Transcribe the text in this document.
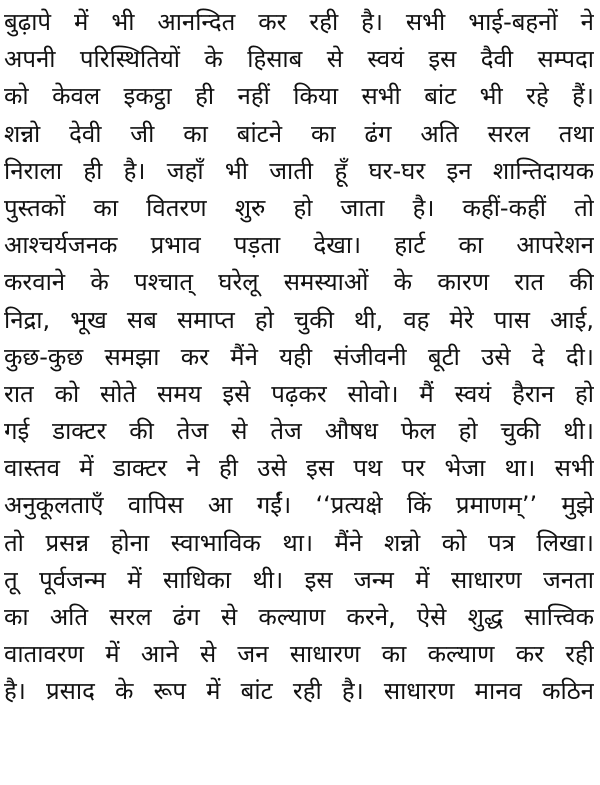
बुढ़ापे में भी आनन्दित कर रही है। सभी भाई-बहनों ने
अपनी परिस्थितियों के हिसाब से स्वयं इस दैवी सम्पदा
को केवल इकट्ठा ही नहीं किया सभी बांट भी रहे हैं।
शन्नो देवी जी का बांटने का ढंग अति सरल तथा
निराला ही है। जहाँ भी जाती हूँ घर-घर इन शान्तिदायक
पुस्तकों का वितरण शुरु हो जाता है। कहीं-कहीं तो
आश्चर्यजनक प्रभाव पड़ता देखा। हार्ट का आपरेशन
करवाने के पश्चात् घरेलू समस्याओं के कारण रात की
निद्रा, भूख सब समाप्त हो चुकी थी, वह मेरे पास आई,
कुछ-कुछ समझा कर मैंने यही संजीवनी बूटी उसे दे दी।
रात को सोते समय इसे पढ़कर सोवो। मैं स्वयं हैरान हो
गई डाक्टर की तेज से तेज औषध फेल हो चुकी थी।
वास्तव में डाक्टर ने ही उसे इस पथ पर भेजा था। सभी
अनुकूलताएँ वापिस आ गईं। ‘‘प्रत्यक्षे किं प्रमाणम्’’ मुझे
तो प्रसन्न होना स्वाभाविक था। मैंने शन्नो को पत्र लिखा।
तू पूर्वजन्म में साधिका थी। इस जन्म में साधारण जनता
का अति सरल ढंग से कल्याण करने, ऐसे शुद्ध सात्त्विक
वातावरण में आने से जन साधारण का कल्याण कर रही
है। प्रसाद के रूप में बांट रही है। साधारण मानव कठिन
